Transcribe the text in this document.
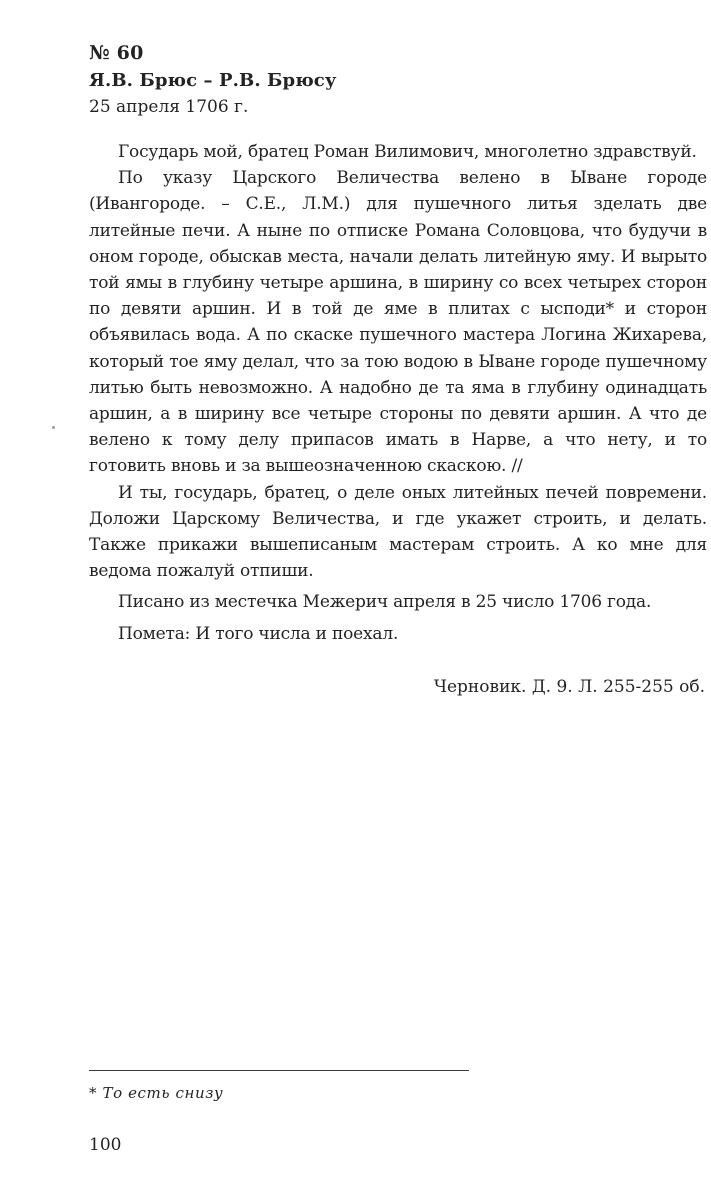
№ 60
Я.В. Брюс – Р.В. Брюсу
25 апреля 1706 г.

Государь мой, братец Роман Вилимович, многолетно здравствуй.

По указу Царского Величества велено в Ыване городе (Ивангороде. – С.Е., Л.М.) для пушечного литья зделать две литейные печи. А ныне по отписке Романа Соловцова, что будучи в оном городе, обыскав места, начали делать литейную яму. И вырыто той ямы в глубину четыре аршина, в ширину со всех четырех сторон по девяти аршин. И в той де яме в плитах с ысподи* и сторон объявилась вода. А по скаске пушечного мастера Логина Жихарева, который тое яму делал, что за тою водою в Ыване городе пушечному литью быть невозможно. А надобно де та яма в глубину одинадцать аршин, а в ширину все четыре стороны по девяти аршин. А что де велено к тому делу припасов имать в Нарве, а что нету, и то готовить вновь и за вышеозначенною скаскою. //

И ты, государь, братец, о деле оных литейных печей повремени. Доложи Царскому Величества, и где укажет строить, и делать. Также прикажи вышеписаным мастерам строить. А ко мне для ведома пожалуй отпиши.

Писано из местечка Межерич апреля в 25 число 1706 года.

Помета: И того числа и поехал.

Черновик. Д. 9. Л. 255-255 об.
* То есть снизу
100
